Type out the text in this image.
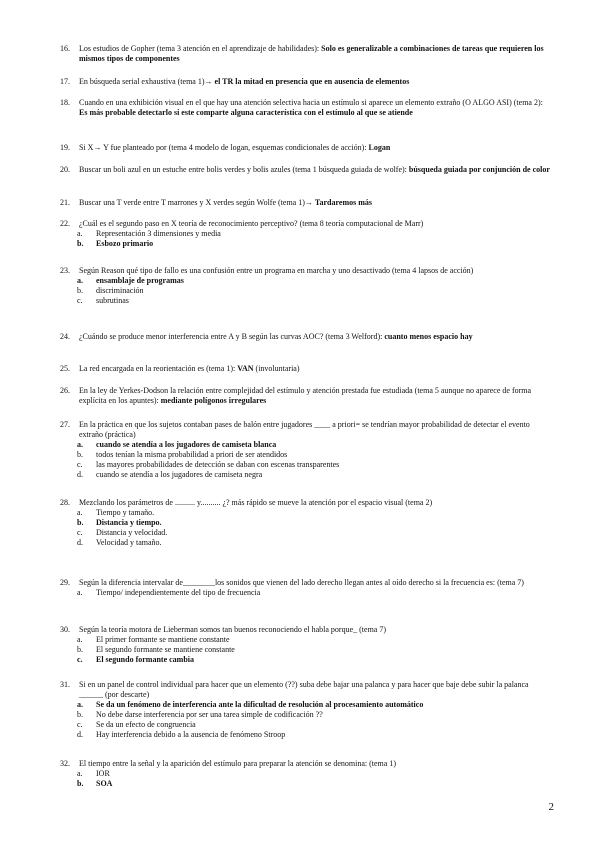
16. Los estudios de Gopher (tema 3 atención en el aprendizaje de habilidades): Solo es generalizable a combinaciones de tareas que requieren los mismos tipos de componentes
17. En búsqueda serial exhaustiva (tema 1)→ el TR la mitad en presencia que en ausencia de elementos
18. Cuando en una exhibición visual en el que hay una atención selectiva hacia un estímulo si aparece un elemento extraño (O ALGO ASI) (tema 2): Es más probable detectarlo si este comparte alguna característica con el estímulo al que se atiende
19. Si X→ Y fue planteado por (tema 4 modelo de logan, esquemas condicionales de acción): Logan
20. Buscar un boli azul en un estuche entre bolis verdes y bolis azules (tema 1 búsqueda guiada de wolfe): búsqueda guiada por conjunción de color
21. Buscar una T verde entre T marrones y X verdes según Wolfe (tema 1)→ Tardaremos más
22. ¿Cuál es el segundo paso en X teoría de reconocimiento perceptivo? (tema 8 teoría computacional de Marr)
a. Representación 3 dimensiones y media
b. Esbozo primario
23. Según Reason qué tipo de fallo es una confusión entre un programa en marcha y uno desactivado (tema 4 lapsos de acción)
a. ensamblaje de programas
b. discriminación
c. subrutinas
24. ¿Cuándo se produce menor interferencia entre A y B según las curvas AOC? (tema 3 Welford): cuanto menos espacio hay
25. La red encargada en la reorientación es (tema 1): VAN (involuntaria)
26. En la ley de Yerkes-Dodson la relación entre complejidad del estímulo y atención prestada fue estudiada (tema 5 aunque no aparece de forma explícita en los apuntes): mediante polígonos irregulares
27. En la práctica en que los sujetos contaban pases de balón entre jugadores ____ a priori= se tendrían mayor probabilidad de detectar el evento extraño (práctica)
a. cuando se atendía a los jugadores de camiseta blanca
b. todos tenían la misma probabilidad a priori de ser atendidos
c. las mayores probabilidades de detección se daban con escenas transparentes
d. cuando se atendía a los jugadores de camiseta negra
28. Mezclando los parámetros de .......... y.......... ¿? más rápido se mueve la atención por el espacio visual (tema 2)
a. Tiempo y tamaño.
b. Distancia y tiempo.
c. Distancia y velocidad.
d. Velocidad y tamaño.
29. Según la diferencia intervalar de________los sonidos que vienen del lado derecho llegan antes al oído derecho si la frecuencia es: (tema 7)
a. Tiempo/ independientemente del tipo de frecuencia
30. Según la teoría motora de Lieberman somos tan buenos reconociendo el habla porque_ (tema 7)
a. El primer formante se mantiene constante
b. El segundo formante se mantiene constante
c. El segundo formante cambia
31. Si en un panel de control individual para hacer que un elemento (??) suba debe bajar una palanca y para hacer que baje debe subir la palanca ______ (por descarte)
a. Se da un fenómeno de interferencia ante la dificultad de resolución al procesamiento automático
b. No debe darse interferencia por ser una tarea simple de codificación ??
c. Se da un efecto de congruencia
d. Hay interferencia debido a la ausencia de fenómeno Stroop
32. El tiempo entre la señal y la aparición del estímulo para preparar la atención se denomina: (tema 1)
a. IOR
b. SOA
2
